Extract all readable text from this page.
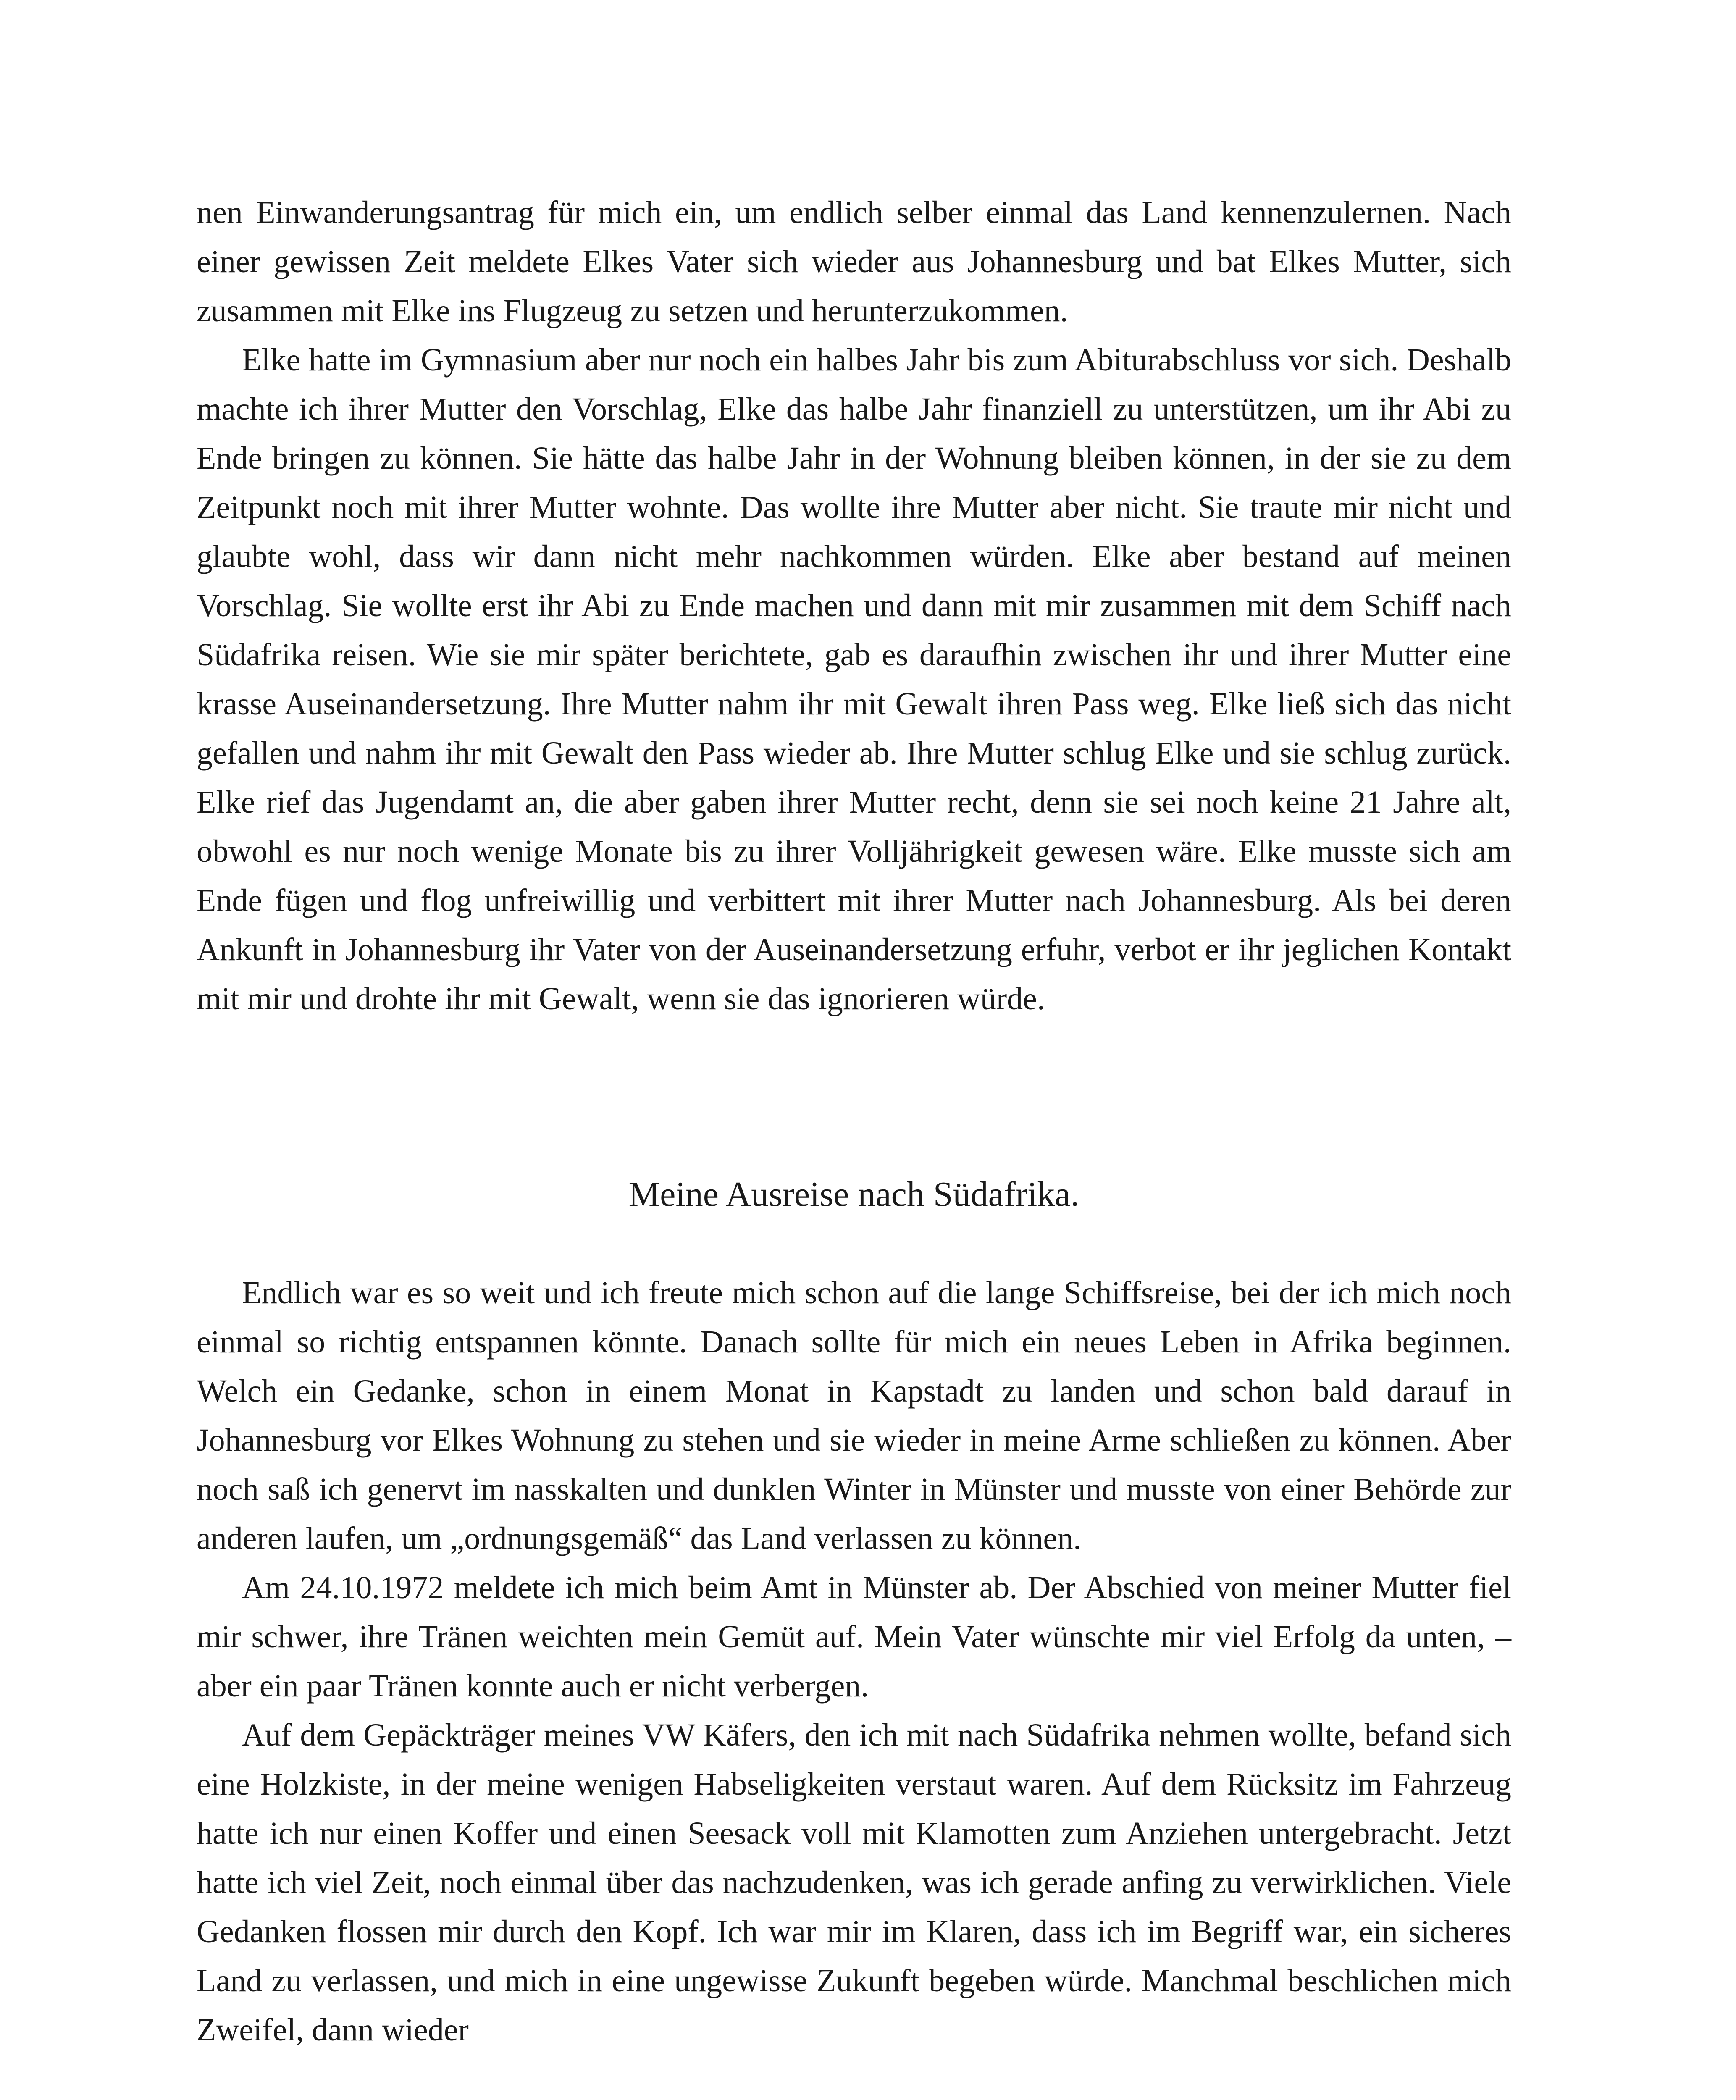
nen Einwanderungsantrag für mich ein, um endlich selber einmal das Land kennenzulernen. Nach einer gewissen Zeit meldete Elkes Vater sich wieder aus Johannesburg und bat Elkes Mutter, sich zusammen mit Elke ins Flugzeug zu setzen und herunterzukommen.

Elke hatte im Gymnasium aber nur noch ein halbes Jahr bis zum Abiturabschluss vor sich. Deshalb machte ich ihrer Mutter den Vorschlag, Elke das halbe Jahr finanziell zu unterstützen, um ihr Abi zu Ende bringen zu können. Sie hätte das halbe Jahr in der Wohnung bleiben können, in der sie zu dem Zeitpunkt noch mit ihrer Mutter wohnte. Das wollte ihre Mutter aber nicht. Sie traute mir nicht und glaubte wohl, dass wir dann nicht mehr nachkommen würden. Elke aber bestand auf meinen Vorschlag. Sie wollte erst ihr Abi zu Ende machen und dann mit mir zusammen mit dem Schiff nach Südafrika reisen. Wie sie mir später berichtete, gab es daraufhin zwischen ihr und ihrer Mutter eine krasse Auseinandersetzung. Ihre Mutter nahm ihr mit Gewalt ihren Pass weg. Elke ließ sich das nicht gefallen und nahm ihr mit Gewalt den Pass wieder ab. Ihre Mutter schlug Elke und sie schlug zurück. Elke rief das Jugendamt an, die aber gaben ihrer Mutter recht, denn sie sei noch keine 21 Jahre alt, obwohl es nur noch wenige Monate bis zu ihrer Volljährigkeit gewesen wäre. Elke musste sich am Ende fügen und flog unfreiwillig und verbittert mit ihrer Mutter nach Johannesburg. Als bei deren Ankunft in Johannesburg ihr Vater von der Auseinandersetzung erfuhr, verbot er ihr jeglichen Kontakt mit mir und drohte ihr mit Gewalt, wenn sie das ignorieren würde.

Meine Ausreise nach Südafrika.

Endlich war es so weit und ich freute mich schon auf die lange Schiffsreise, bei der ich mich noch einmal so richtig entspannen könnte. Danach sollte für mich ein neues Leben in Afrika beginnen. Welch ein Gedanke, schon in einem Monat in Kapstadt zu landen und schon bald darauf in Johannesburg vor Elkes Wohnung zu stehen und sie wieder in meine Arme schließen zu können. Aber noch saß ich genervt im nasskalten und dunklen Winter in Münster und musste von einer Behörde zur anderen laufen, um „ordnungsgemäß“ das Land verlassen zu können.

Am 24.10.1972 meldete ich mich beim Amt in Münster ab. Der Abschied von meiner Mutter fiel mir schwer, ihre Tränen weichten mein Gemüt auf. Mein Vater wünschte mir viel Erfolg da unten, – aber ein paar Tränen konnte auch er nicht verbergen.

Auf dem Gepäckträger meines VW Käfers, den ich mit nach Südafrika nehmen wollte, befand sich eine Holzkiste, in der meine wenigen Habseligkeiten verstaut waren. Auf dem Rücksitz im Fahrzeug hatte ich nur einen Koffer und einen Seesack voll mit Klamotten zum Anziehen untergebracht. Jetzt hatte ich viel Zeit, noch einmal über das nachzudenken, was ich gerade anfing zu verwirklichen. Viele Gedanken flossen mir durch den Kopf. Ich war mir im Klaren, dass ich im Begriff war, ein sicheres Land zu verlassen, und mich in eine ungewisse Zukunft begeben würde. Manchmal beschlichen mich Zweifel, dann wieder
